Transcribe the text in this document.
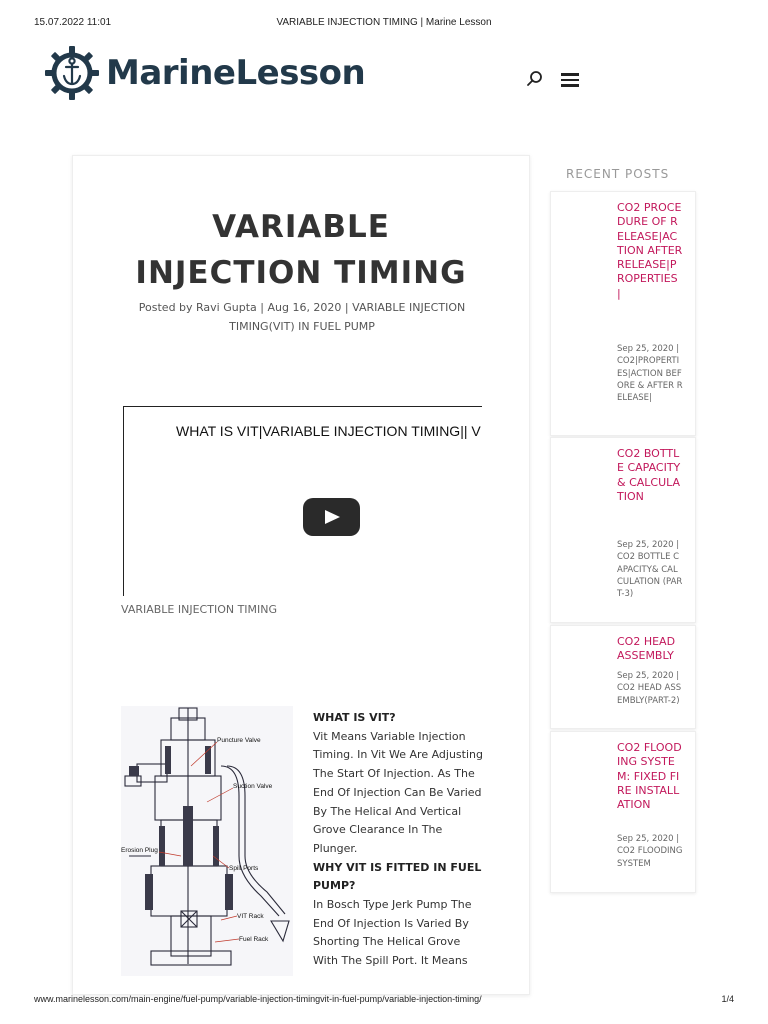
15.07.2022 11:01	VARIABLE INJECTION TIMING | Marine Lesson
MarineLesson
VARIABLE
INJECTION TIMING
Posted by Ravi Gupta | Aug 16, 2020 | VARIABLE INJECTION
TIMING(VIT) IN FUEL PUMP
WHAT IS VIT|VARIABLE INJECTION TIMING|| V
VARIABLE INJECTION TIMING
Puncture Valve
Suction Valve
Erosion Plug
Spill Ports
VIT Rack
Fuel Rack
WHAT IS VIT?
Vit Means Variable Injection Timing. In Vit We Are Adjusting The Start Of Injection. As The End Of Injection Can Be Varied By The Helical And Vertical Grove Clearance In The Plunger.
WHY VIT IS FITTED IN FUEL PUMP?
In Bosch Type Jerk Pump The End Of Injection Is Varied By Shorting The Helical Grove With The Spill Port. It Means
RECENT POSTS
CO2 PROCEDURE OF RELEASE|ACTION AFTER RELEASE|PROPERTIES |
Sep 25, 2020 | CO2|PROPERTIES|ACTION BEFORE & AFTER RELEASE|
CO2 BOTTLE CAPACITY & CALCULATION
Sep 25, 2020 | CO2 BOTTLE CAPACITY& CALCULATION (PART-3)
CO2 HEAD ASSEMBLY
Sep 25, 2020 | CO2 HEAD ASSEMBLY(PART-2)
CO2 FLOODING SYSTEM: FIXED FIRE INSTALLATION
Sep 25, 2020 | CO2 FLOODING SYSTEM
www.marinelesson.com/main-engine/fuel-pump/variable-injection-timingvit-in-fuel-pump/variable-injection-timing/	1/4
